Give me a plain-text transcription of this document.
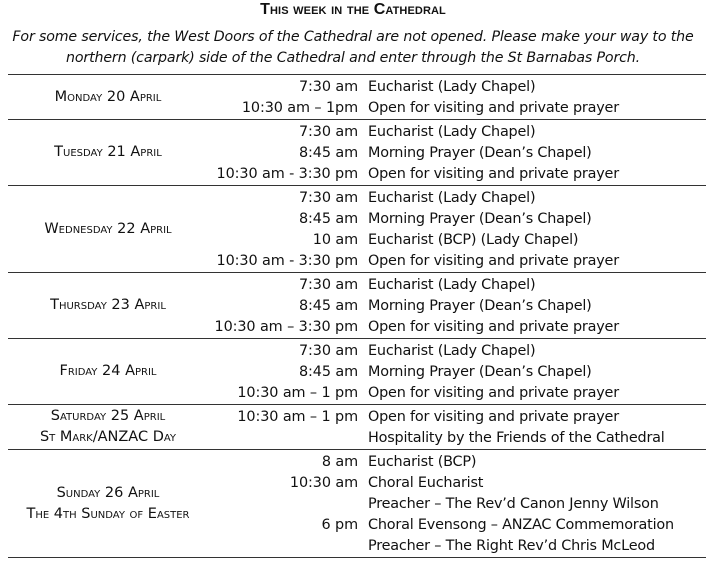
This week in the Cathedral
For some services, the West Doors of the Cathedral are not opened. Please make your way to the
northern (carpark) side of the Cathedral and enter through the St Barnabas Porch.
Monday 20 April
7:30 am Eucharist (Lady Chapel)
10:30 am – 1pm Open for visiting and private prayer
Tuesday 21 April
7:30 am Eucharist (Lady Chapel)
8:45 am Morning Prayer (Dean’s Chapel)
10:30 am - 3:30 pm Open for visiting and private prayer
Wednesday 22 April
7:30 am Eucharist (Lady Chapel)
8:45 am Morning Prayer (Dean’s Chapel)
10 am Eucharist (BCP) (Lady Chapel)
10:30 am - 3:30 pm Open for visiting and private prayer
Thursday 23 April
7:30 am Eucharist (Lady Chapel)
8:45 am Morning Prayer (Dean’s Chapel)
10:30 am – 3:30 pm Open for visiting and private prayer
Friday 24 April
7:30 am Eucharist (Lady Chapel)
8:45 am Morning Prayer (Dean’s Chapel)
10:30 am – 1 pm Open for visiting and private prayer
Saturday 25 April
St Mark/ANZAC Day
10:30 am – 1 pm Open for visiting and private prayer
Hospitality by the Friends of the Cathedral
Sunday 26 April
The 4th Sunday of Easter
8 am Eucharist (BCP)
10:30 am Choral Eucharist
Preacher – The Rev’d Canon Jenny Wilson
6 pm Choral Evensong – ANZAC Commemoration
Preacher – The Right Rev’d Chris McLeod
